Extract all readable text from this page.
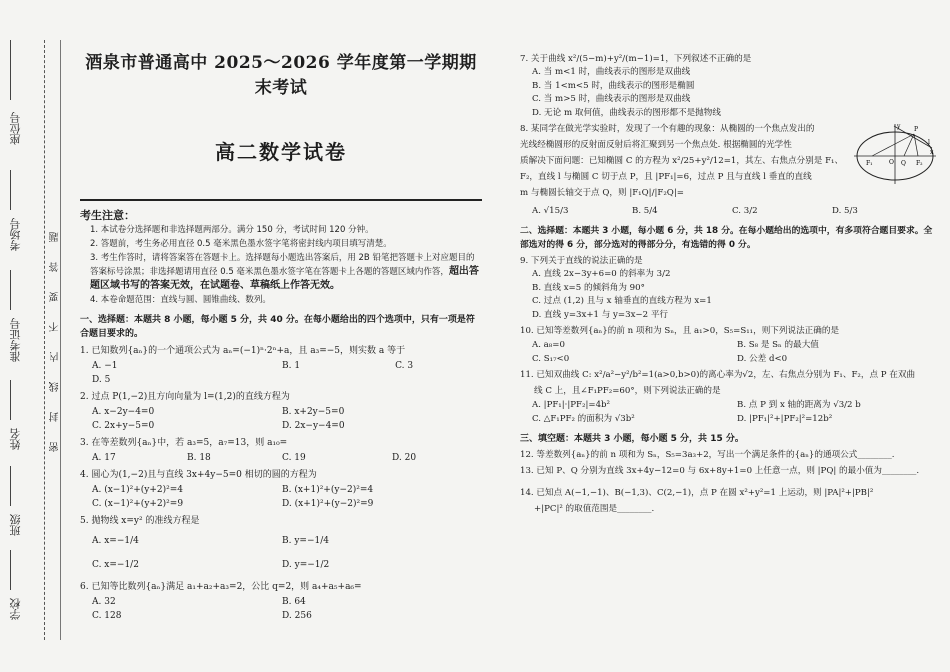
座位号
考场号
准考证号
姓名
班级
学校
题
答
要
不
内
线
封
密
酒泉市普通高中 2025～2026 学年度第一学期期末考试
高二数学试卷
考生注意：
1. 本试卷分选择题和非选择题两部分。满分 150 分，考试时间 120 分钟。
2. 答题前，考生务必用直径 0.5 毫米黑色墨水签字笔将密封线内项目填写清楚。
3. 考生作答时，请将答案答在答题卡上。选择题每小题选出答案后，用 2B 铅笔把答题卡上对应题目的答案标号涂黑；非选择题请用直径 0.5 毫米黑色墨水签字笔在答题卡上各题的答题区域内作答，超出答题区域书写的答案无效，在试题卷、草稿纸上作答无效。
4. 本卷命题范围：直线与圆、圆锥曲线、数列。
一、选择题：本题共 8 小题，每小题 5 分，共 40 分。在每小题给出的四个选项中，只有一项是符合题目要求的。
1. 已知数列{aₙ}的一个通项公式为 aₙ=(−1)ⁿ·2ⁿ+a，且 a₃=−5，则实数 a 等于
A. −1	B. 1	C. 3
D. 5
2. 过点 P(1,−2)且方向向量为 l=(1,2)的直线方程为
A. x−2y−4=0	B. x+2y−5=0
C. 2x+y−5=0	D. 2x−y−4=0
3. 在等差数列{aₙ}中，若 a₃=5，a₇=13，则 a₁₀=
A. 17	B. 18	C. 19	D. 20
4. 圆心为(1,−2)且与直线 3x+4y−5=0 相切的圆的方程为
A. (x−1)²+(y+2)²=4	B. (x+1)²+(y−2)²=4
C. (x−1)²+(y+2)²=9	D. (x+1)²+(y−2)²=9
5. 抛物线 x=y² 的准线方程是
A. x=−1/4	B. y=−1/4
C. x=−1/2	D. y=−1/2
6. 已知等比数列{aₙ}满足 a₁+a₂+a₃=2，公比 q=2，则 a₄+a₅+a₆=
A. 32	B. 64
C. 128	D. 256
7. 关于曲线 x²/(5−m)+y²/(m−1)=1，下列叙述不正确的是
A. 当 m<1 时，曲线表示的图形是双曲线
B. 当 1<m<5 时，曲线表示的图形是椭圆
C. 当 m>5 时，曲线表示的图形是双曲线
D. 无论 m 取何值，曲线表示的图形都不是抛物线
8. 某同学在做光学实验时，发现了一个有趣的现象：从椭圆的一个焦点发出的
光线经椭圆形的反射面反射后将汇聚到另一个焦点处. 根据椭圆的光学性
质解决下面问题：已知椭圆 C 的方程为 x²/25+y²/12=1，其左、右焦点分别是 F₁、
F₂，直线 l 与椭圆 C 切于点 P，且 |PF₁|=6，过点 P 且与直线 l 垂直的直线
m 与椭圆长轴交于点 Q，则 |F₁Q|/|F₂Q|=
A. √15/3	B. 5/4	C. 3/2	D. 5/3
P
F₁	Q F₂
x
y
O
l
二、选择题：本题共 3 小题，每小题 6 分，共 18 分。在每小题给出的选项中，有多项符合题目要求。全部选对的得 6 分，部分选对的得部分分，有选错的得 0 分。
9. 下列关于直线的说法正确的是
A. 直线 2x−3y+6=0 的斜率为 3/2
B. 直线 x=5 的倾斜角为 90°
C. 过点 (1,2) 且与 x 轴垂直的直线方程为 x=1
D. 直线 y=3x+1 与 y=3x−2 平行
10. 已知等差数列{aₙ}的前 n 项和为 Sₙ，且 a₁>0，S₅=S₁₁，则下列说法正确的是
A. a₈=0	B. S₈ 是 Sₙ 的最大值
C. S₁₇<0	D. 公差 d<0
11. 已知双曲线 C: x²/a²−y²/b²=1(a>0,b>0)的离心率为√2，左、右焦点分别为 F₁、F₂，点 P 在双曲
线 C 上，且∠F₁PF₂=60°，则下列说法正确的是
A. |PF₁|·|PF₂|=4b²	B. 点 P 到 x 轴的距离为 √3/2 b
C. △F₁PF₂ 的面积为 √3b²	D. |PF₁|²+|PF₂|²=12b²
三、填空题：本题共 3 小题，每小题 5 分，共 15 分。
12. 等差数列{aₙ}的前 n 项和为 Sₙ，S₅=3a₃+2，写出一个满足条件的{aₙ}的通项公式________.
13. 已知 P、Q 分别为直线 3x+4y−12=0 与 6x+8y+1=0 上任意一点，则 |PQ| 的最小值为________.
14. 已知点 A(−1,−1)、B(−1,3)、C(2,−1)，点 P 在圆 x²+y²=1 上运动，则 |PA|²+|PB|²
+|PC|² 的取值范围是________.
